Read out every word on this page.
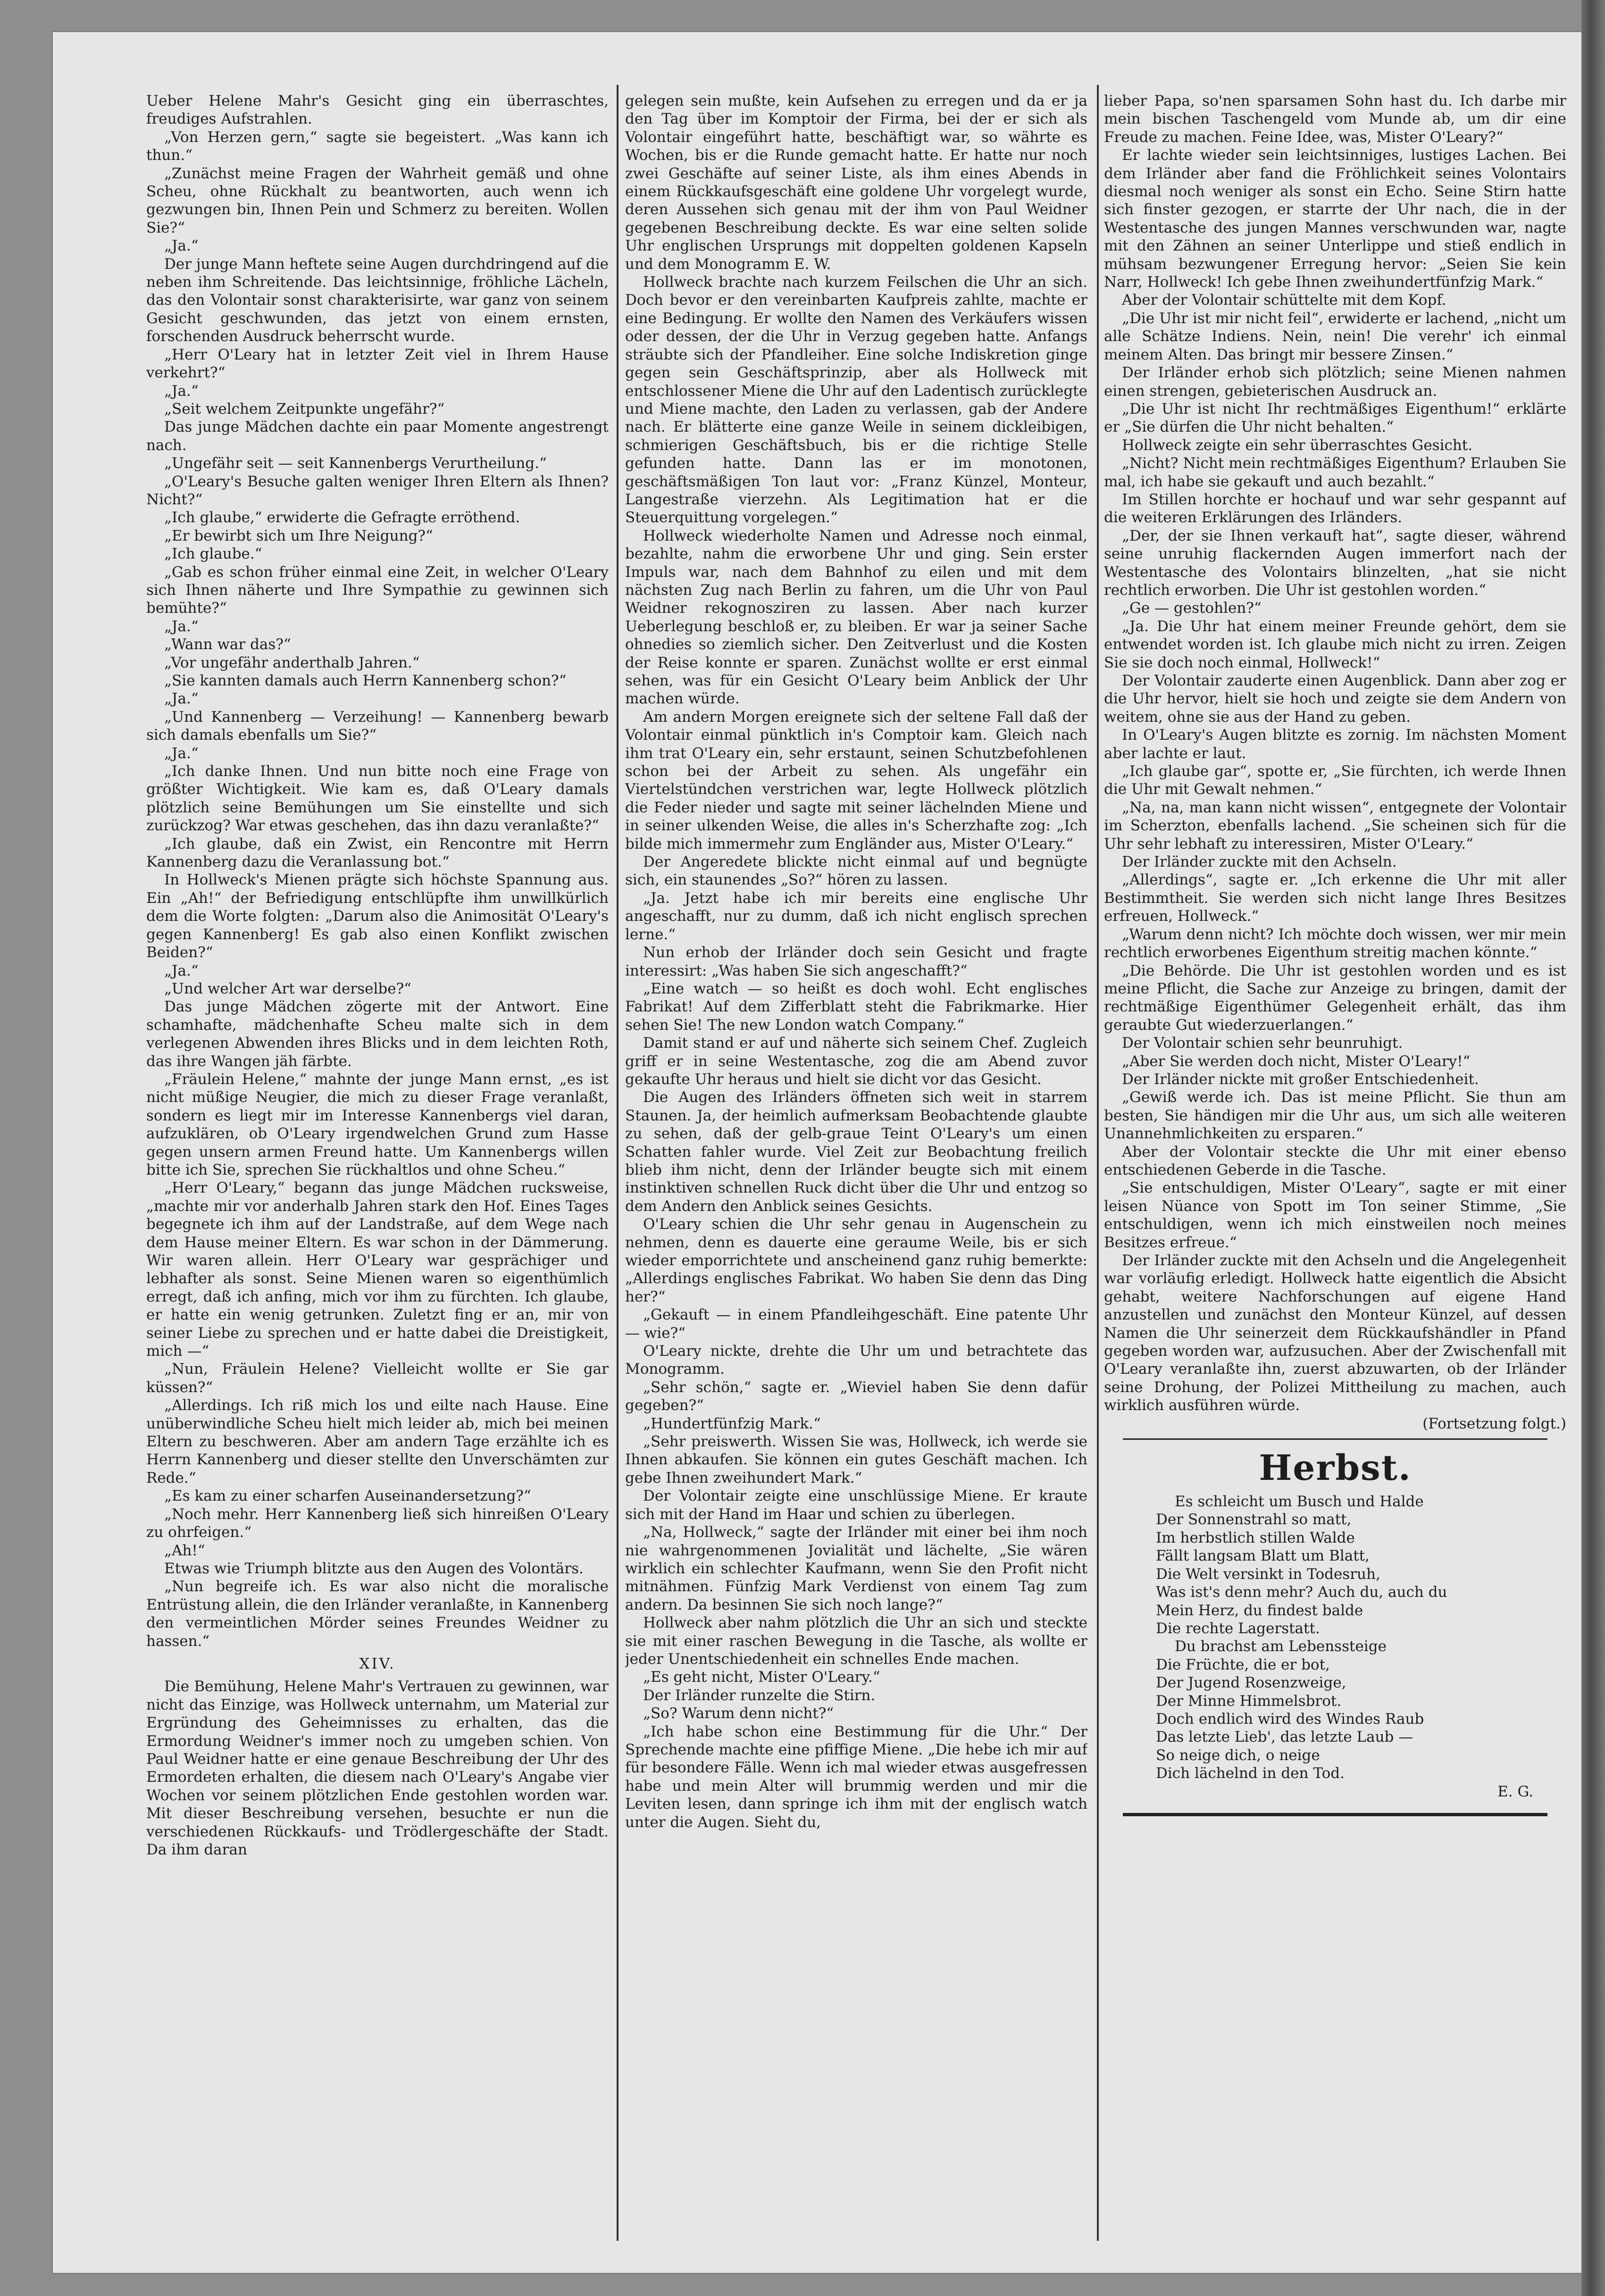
Ueber Helene Mahr's Gesicht ging ein überraschtes, freudiges Aufstrahlen.

„Von Herzen gern,“ sagte sie begeistert. „Was kann ich thun.“

„Zunächst meine Fragen der Wahrheit gemäß und ohne Scheu, ohne Rückhalt zu beantworten, auch wenn ich gezwungen bin, Ihnen Pein und Schmerz zu bereiten. Wollen Sie?“

„Ja.“

Der junge Mann heftete seine Augen durchdringend auf die neben ihm Schreitende. Das leichtsinnige, fröhliche Lächeln, das den Volontair sonst charakterisirte, war ganz von seinem Gesicht geschwunden, das jetzt von einem ernsten, forschenden Ausdruck beherrscht wurde.

„Herr O'Leary hat in letzter Zeit viel in Ihrem Hause verkehrt?“

„Ja.“

„Seit welchem Zeitpunkte ungefähr?“

Das junge Mädchen dachte ein paar Momente angestrengt nach.

„Ungefähr seit — seit Kannenbergs Verurtheilung.“

„O'Leary's Besuche galten weniger Ihren Eltern als Ihnen? Nicht?“

„Ich glaube,“ erwiderte die Gefragte erröthend.

„Er bewirbt sich um Ihre Neigung?“

„Ich glaube.“

„Gab es schon früher einmal eine Zeit, in welcher O'Leary sich Ihnen näherte und Ihre Sympathie zu gewinnen sich bemühte?“

„Ja.“

„Wann war das?“

„Vor ungefähr anderthalb Jahren.“

„Sie kannten damals auch Herrn Kannenberg schon?“

„Ja.“

„Und Kannenberg — Verzeihung! — Kannenberg bewarb sich damals ebenfalls um Sie?“

„Ja.“

„Ich danke Ihnen. Und nun bitte noch eine Frage von größter Wichtigkeit. Wie kam es, daß O'Leary damals plötzlich seine Bemühungen um Sie einstellte und sich zurückzog? War etwas geschehen, das ihn dazu veranlaßte?“

„Ich glaube, daß ein Zwist, ein Rencontre mit Herrn Kannenberg dazu die Veranlassung bot.“

In Hollweck's Mienen prägte sich höchste Spannung aus. Ein „Ah!“ der Befriedigung entschlüpfte ihm unwillkürlich dem die Worte folgten: „Darum also die Animosität O'Leary's gegen Kannenberg! Es gab also einen Konflikt zwischen Beiden?“

„Ja.“

„Und welcher Art war derselbe?“

Das junge Mädchen zögerte mit der Antwort. Eine schamhafte, mädchenhafte Scheu malte sich in dem verlegenen Abwenden ihres Blicks und in dem leichten Roth, das ihre Wangen jäh färbte.

„Fräulein Helene,“ mahnte der junge Mann ernst, „es ist nicht müßige Neugier, die mich zu dieser Frage veranlaßt, sondern es liegt mir im Interesse Kannenbergs viel daran, aufzuklären, ob O'Leary irgendwelchen Grund zum Hasse gegen unsern armen Freund hatte. Um Kannenbergs willen bitte ich Sie, sprechen Sie rückhaltlos und ohne Scheu.“

„Herr O'Leary,“ begann das junge Mädchen rucksweise, „machte mir vor anderhalb Jahren stark den Hof. Eines Tages begegnete ich ihm auf der Landstraße, auf dem Wege nach dem Hause meiner Eltern. Es war schon in der Dämmerung. Wir waren allein. Herr O'Leary war gesprächiger und lebhafter als sonst. Seine Mienen waren so eigenthümlich erregt, daß ich anfing, mich vor ihm zu fürchten. Ich glaube, er hatte ein wenig getrunken. Zuletzt fing er an, mir von seiner Liebe zu sprechen und er hatte dabei die Dreistigkeit, mich —“

„Nun, Fräulein Helene? Vielleicht wollte er Sie gar küssen?“

„Allerdings. Ich riß mich los und eilte nach Hause. Eine unüberwindliche Scheu hielt mich leider ab, mich bei meinen Eltern zu beschweren. Aber am andern Tage erzählte ich es Herrn Kannenberg und dieser stellte den Unverschämten zur Rede.“

„Es kam zu einer scharfen Auseinandersetzung?“

„Noch mehr. Herr Kannenberg ließ sich hinreißen O'Leary zu ohrfeigen.“

„Ah!“

Etwas wie Triumph blitzte aus den Augen des Volontärs.

„Nun begreife ich. Es war also nicht die moralische Entrüstung allein, die den Irländer veranlaßte, in Kannenberg den vermeintlichen Mörder seines Freundes Weidner zu hassen.“

XIV.

Die Bemühung, Helene Mahr's Vertrauen zu gewinnen, war nicht das Einzige, was Hollweck unternahm, um Material zur Ergründung des Geheimnisses zu erhalten, das die Ermordung Weidner's immer noch zu umgeben schien. Von Paul Weidner hatte er eine genaue Beschreibung der Uhr des Ermordeten erhalten, die diesem nach O'Leary's Angabe vier Wochen vor seinem plötzlichen Ende gestohlen worden war. Mit dieser Beschreibung versehen, besuchte er nun die verschiedenen Rückkaufs- und Trödlergeschäfte der Stadt. Da ihm daran

gelegen sein mußte, kein Aufsehen zu erregen und da er ja den Tag über im Komptoir der Firma, bei der er sich als Volontair eingeführt hatte, beschäftigt war, so währte es Wochen, bis er die Runde gemacht hatte. Er hatte nur noch zwei Geschäfte auf seiner Liste, als ihm eines Abends in einem Rückkaufsgeschäft eine goldene Uhr vorgelegt wurde, deren Aussehen sich genau mit der ihm von Paul Weidner gegebenen Beschreibung deckte. Es war eine selten solide Uhr englischen Ursprungs mit doppelten goldenen Kapseln und dem Monogramm E. W.

Hollweck brachte nach kurzem Feilschen die Uhr an sich. Doch bevor er den vereinbarten Kaufpreis zahlte, machte er eine Bedingung. Er wollte den Namen des Verkäufers wissen oder dessen, der die Uhr in Verzug gegeben hatte. Anfangs sträubte sich der Pfandleiher. Eine solche Indiskretion ginge gegen sein Geschäftsprinzip, aber als Hollweck mit entschlossener Miene die Uhr auf den Ladentisch zurücklegte und Miene machte, den Laden zu verlassen, gab der Andere nach. Er blätterte eine ganze Weile in seinem dickleibigen, schmierigen Geschäftsbuch, bis er die richtige Stelle gefunden hatte. Dann las er im monotonen, geschäftsmäßigen Ton laut vor: „Franz Künzel, Monteur, Langestraße vierzehn. Als Legitimation hat er die Steuerquittung vorgelegen.“

Hollweck wiederholte Namen und Adresse noch einmal, bezahlte, nahm die erworbene Uhr und ging. Sein erster Impuls war, nach dem Bahnhof zu eilen und mit dem nächsten Zug nach Berlin zu fahren, um die Uhr von Paul Weidner rekognosziren zu lassen. Aber nach kurzer Ueberlegung beschloß er, zu bleiben. Er war ja seiner Sache ohnedies so ziemlich sicher. Den Zeitverlust und die Kosten der Reise konnte er sparen. Zunächst wollte er erst einmal sehen, was für ein Gesicht O'Leary beim Anblick der Uhr machen würde.

Am andern Morgen ereignete sich der seltene Fall daß der Volontair einmal pünktlich in's Comptoir kam. Gleich nach ihm trat O'Leary ein, sehr erstaunt, seinen Schutzbefohlenen schon bei der Arbeit zu sehen. Als ungefähr ein Viertelstündchen verstrichen war, legte Hollweck plötzlich die Feder nieder und sagte mit seiner lächelnden Miene und in seiner ulkenden Weise, die alles in's Scherzhafte zog: „Ich bilde mich immermehr zum Engländer aus, Mister O'Leary.“

Der Angeredete blickte nicht einmal auf und begnügte sich, ein staunendes „So?“ hören zu lassen.

„Ja. Jetzt habe ich mir bereits eine englische Uhr angeschafft, nur zu dumm, daß ich nicht englisch sprechen lerne.“

Nun erhob der Irländer doch sein Gesicht und fragte interessirt: „Was haben Sie sich angeschafft?“

„Eine watch — so heißt es doch wohl. Echt englisches Fabrikat! Auf dem Zifferblatt steht die Fabrikmarke. Hier sehen Sie! The new London watch Company.“

Damit stand er auf und näherte sich seinem Chef. Zugleich griff er in seine Westentasche, zog die am Abend zuvor gekaufte Uhr heraus und hielt sie dicht vor das Gesicht.

Die Augen des Irländers öffneten sich weit in starrem Staunen. Ja, der heimlich aufmerksam Beobachtende glaubte zu sehen, daß der gelb-graue Teint O'Leary's um einen Schatten fahler wurde. Viel Zeit zur Beobachtung freilich blieb ihm nicht, denn der Irländer beugte sich mit einem instinktiven schnellen Ruck dicht über die Uhr und entzog so dem Andern den Anblick seines Gesichts.

O'Leary schien die Uhr sehr genau in Augenschein zu nehmen, denn es dauerte eine geraume Weile, bis er sich wieder emporrichtete und anscheinend ganz ruhig bemerkte: „Allerdings englisches Fabrikat. Wo haben Sie denn das Ding her?“

„Gekauft — in einem Pfandleihgeschäft. Eine patente Uhr — wie?“

O'Leary nickte, drehte die Uhr um und betrachtete das Monogramm.

„Sehr schön,“ sagte er. „Wieviel haben Sie denn dafür gegeben?“

„Hundertfünfzig Mark.“

„Sehr preiswerth. Wissen Sie was, Hollweck, ich werde sie Ihnen abkaufen. Sie können ein gutes Geschäft machen. Ich gebe Ihnen zweihundert Mark.“

Der Volontair zeigte eine unschlüssige Miene. Er kraute sich mit der Hand im Haar und schien zu überlegen.

„Na, Hollweck,“ sagte der Irländer mit einer bei ihm noch nie wahrgenommenen Jovialität und lächelte, „Sie wären wirklich ein schlechter Kaufmann, wenn Sie den Profit nicht mitnähmen. Fünfzig Mark Verdienst von einem Tag zum andern. Da besinnen Sie sich noch lange?“

Hollweck aber nahm plötzlich die Uhr an sich und steckte sie mit einer raschen Bewegung in die Tasche, als wollte er jeder Unentschiedenheit ein schnelles Ende machen.

„Es geht nicht, Mister O'Leary.“

Der Irländer runzelte die Stirn.

„So? Warum denn nicht?“

„Ich habe schon eine Bestimmung für die Uhr.“ Der Sprechende machte eine pfiffige Miene. „Die hebe ich mir auf für besondere Fälle. Wenn ich mal wieder etwas ausgefressen habe und mein Alter will brummig werden und mir die Leviten lesen, dann springe ich ihm mit der englisch watch unter die Augen. Sieht du,

lieber Papa, so'nen sparsamen Sohn hast du. Ich darbe mir mein bischen Taschengeld vom Munde ab, um dir eine Freude zu machen. Feine Idee, was, Mister O'Leary?“

Er lachte wieder sein leichtsinniges, lustiges Lachen. Bei dem Irländer aber fand die Fröhlichkeit seines Volontairs diesmal noch weniger als sonst ein Echo. Seine Stirn hatte sich finster gezogen, er starrte der Uhr nach, die in der Westentasche des jungen Mannes verschwunden war, nagte mit den Zähnen an seiner Unterlippe und stieß endlich in mühsam bezwungener Erregung hervor: „Seien Sie kein Narr, Hollweck! Ich gebe Ihnen zweihundertfünfzig Mark.“

Aber der Volontair schüttelte mit dem Kopf.

„Die Uhr ist mir nicht feil“, erwiderte er lachend, „nicht um alle Schätze Indiens. Nein, nein! Die verehr' ich einmal meinem Alten. Das bringt mir bessere Zinsen.“

Der Irländer erhob sich plötzlich; seine Mienen nahmen einen strengen, gebieterischen Ausdruck an.

„Die Uhr ist nicht Ihr rechtmäßiges Eigenthum!“ erklärte er „Sie dürfen die Uhr nicht behalten.“

Hollweck zeigte ein sehr überraschtes Gesicht.

„Nicht? Nicht mein rechtmäßiges Eigenthum? Erlauben Sie mal, ich habe sie gekauft und auch bezahlt.“

Im Stillen horchte er hochauf und war sehr gespannt auf die weiteren Erklärungen des Irländers.

„Der, der sie Ihnen verkauft hat“, sagte dieser, während seine unruhig flackernden Augen immerfort nach der Westentasche des Volontairs blinzelten, „hat sie nicht rechtlich erworben. Die Uhr ist gestohlen worden.“

„Ge — gestohlen?“

„Ja. Die Uhr hat einem meiner Freunde gehört, dem sie entwendet worden ist. Ich glaube mich nicht zu irren. Zeigen Sie sie doch noch einmal, Hollweck!“

Der Volontair zauderte einen Augenblick. Dann aber zog er die Uhr hervor, hielt sie hoch und zeigte sie dem Andern von weitem, ohne sie aus der Hand zu geben.

In O'Leary's Augen blitzte es zornig. Im nächsten Moment aber lachte er laut.

„Ich glaube gar“, spotte er, „Sie fürchten, ich werde Ihnen die Uhr mit Gewalt nehmen.“

„Na, na, man kann nicht wissen“, entgegnete der Volontair im Scherzton, ebenfalls lachend. „Sie scheinen sich für die Uhr sehr lebhaft zu interessiren, Mister O'Leary.“

Der Irländer zuckte mit den Achseln.

„Allerdings“, sagte er. „Ich erkenne die Uhr mit aller Bestimmtheit. Sie werden sich nicht lange Ihres Besitzes erfreuen, Hollweck.“

„Warum denn nicht? Ich möchte doch wissen, wer mir mein rechtlich erworbenes Eigenthum streitig machen könnte.“

„Die Behörde. Die Uhr ist gestohlen worden und es ist meine Pflicht, die Sache zur Anzeige zu bringen, damit der rechtmäßige Eigenthümer Gelegenheit erhält, das ihm geraubte Gut wiederzuerlangen.“

Der Volontair schien sehr beunruhigt.

„Aber Sie werden doch nicht, Mister O'Leary!“

Der Irländer nickte mit großer Entschiedenheit.

„Gewiß werde ich. Das ist meine Pflicht. Sie thun am besten, Sie händigen mir die Uhr aus, um sich alle weiteren Unannehmlichkeiten zu ersparen.“

Aber der Volontair steckte die Uhr mit einer ebenso entschiedenen Geberde in die Tasche.

„Sie entschuldigen, Mister O'Leary“, sagte er mit einer leisen Nüance von Spott im Ton seiner Stimme, „Sie entschuldigen, wenn ich mich einstweilen noch meines Besitzes erfreue.“

Der Irländer zuckte mit den Achseln und die Angelegenheit war vorläufig erledigt. Hollweck hatte eigentlich die Absicht gehabt, weitere Nachforschungen auf eigene Hand anzustellen und zunächst den Monteur Künzel, auf dessen Namen die Uhr seinerzeit dem Rückkaufshändler in Pfand gegeben worden war, aufzusuchen. Aber der Zwischenfall mit O'Leary veranlaßte ihn, zuerst abzuwarten, ob der Irländer seine Drohung, der Polizei Mittheilung zu machen, auch wirklich ausführen würde.

(Fortsetzung folgt.)

Herbst.
Es schleicht um Busch und Halde
Der Sonnenstrahl so matt,
Im herbstlich stillen Walde
Fällt langsam Blatt um Blatt,
Die Welt versinkt in Todesruh,
Was ist's denn mehr? Auch du, auch du
Mein Herz, du findest balde
Die rechte Lagerstatt.
Du brachst am Lebenssteige
Die Früchte, die er bot,
Der Jugend Rosenzweige,
Der Minne Himmelsbrot.
Doch endlich wird des Windes Raub
Das letzte Lieb', das letzte Laub —
So neige dich, o neige
Dich lächelnd in den Tod.
E. G.
